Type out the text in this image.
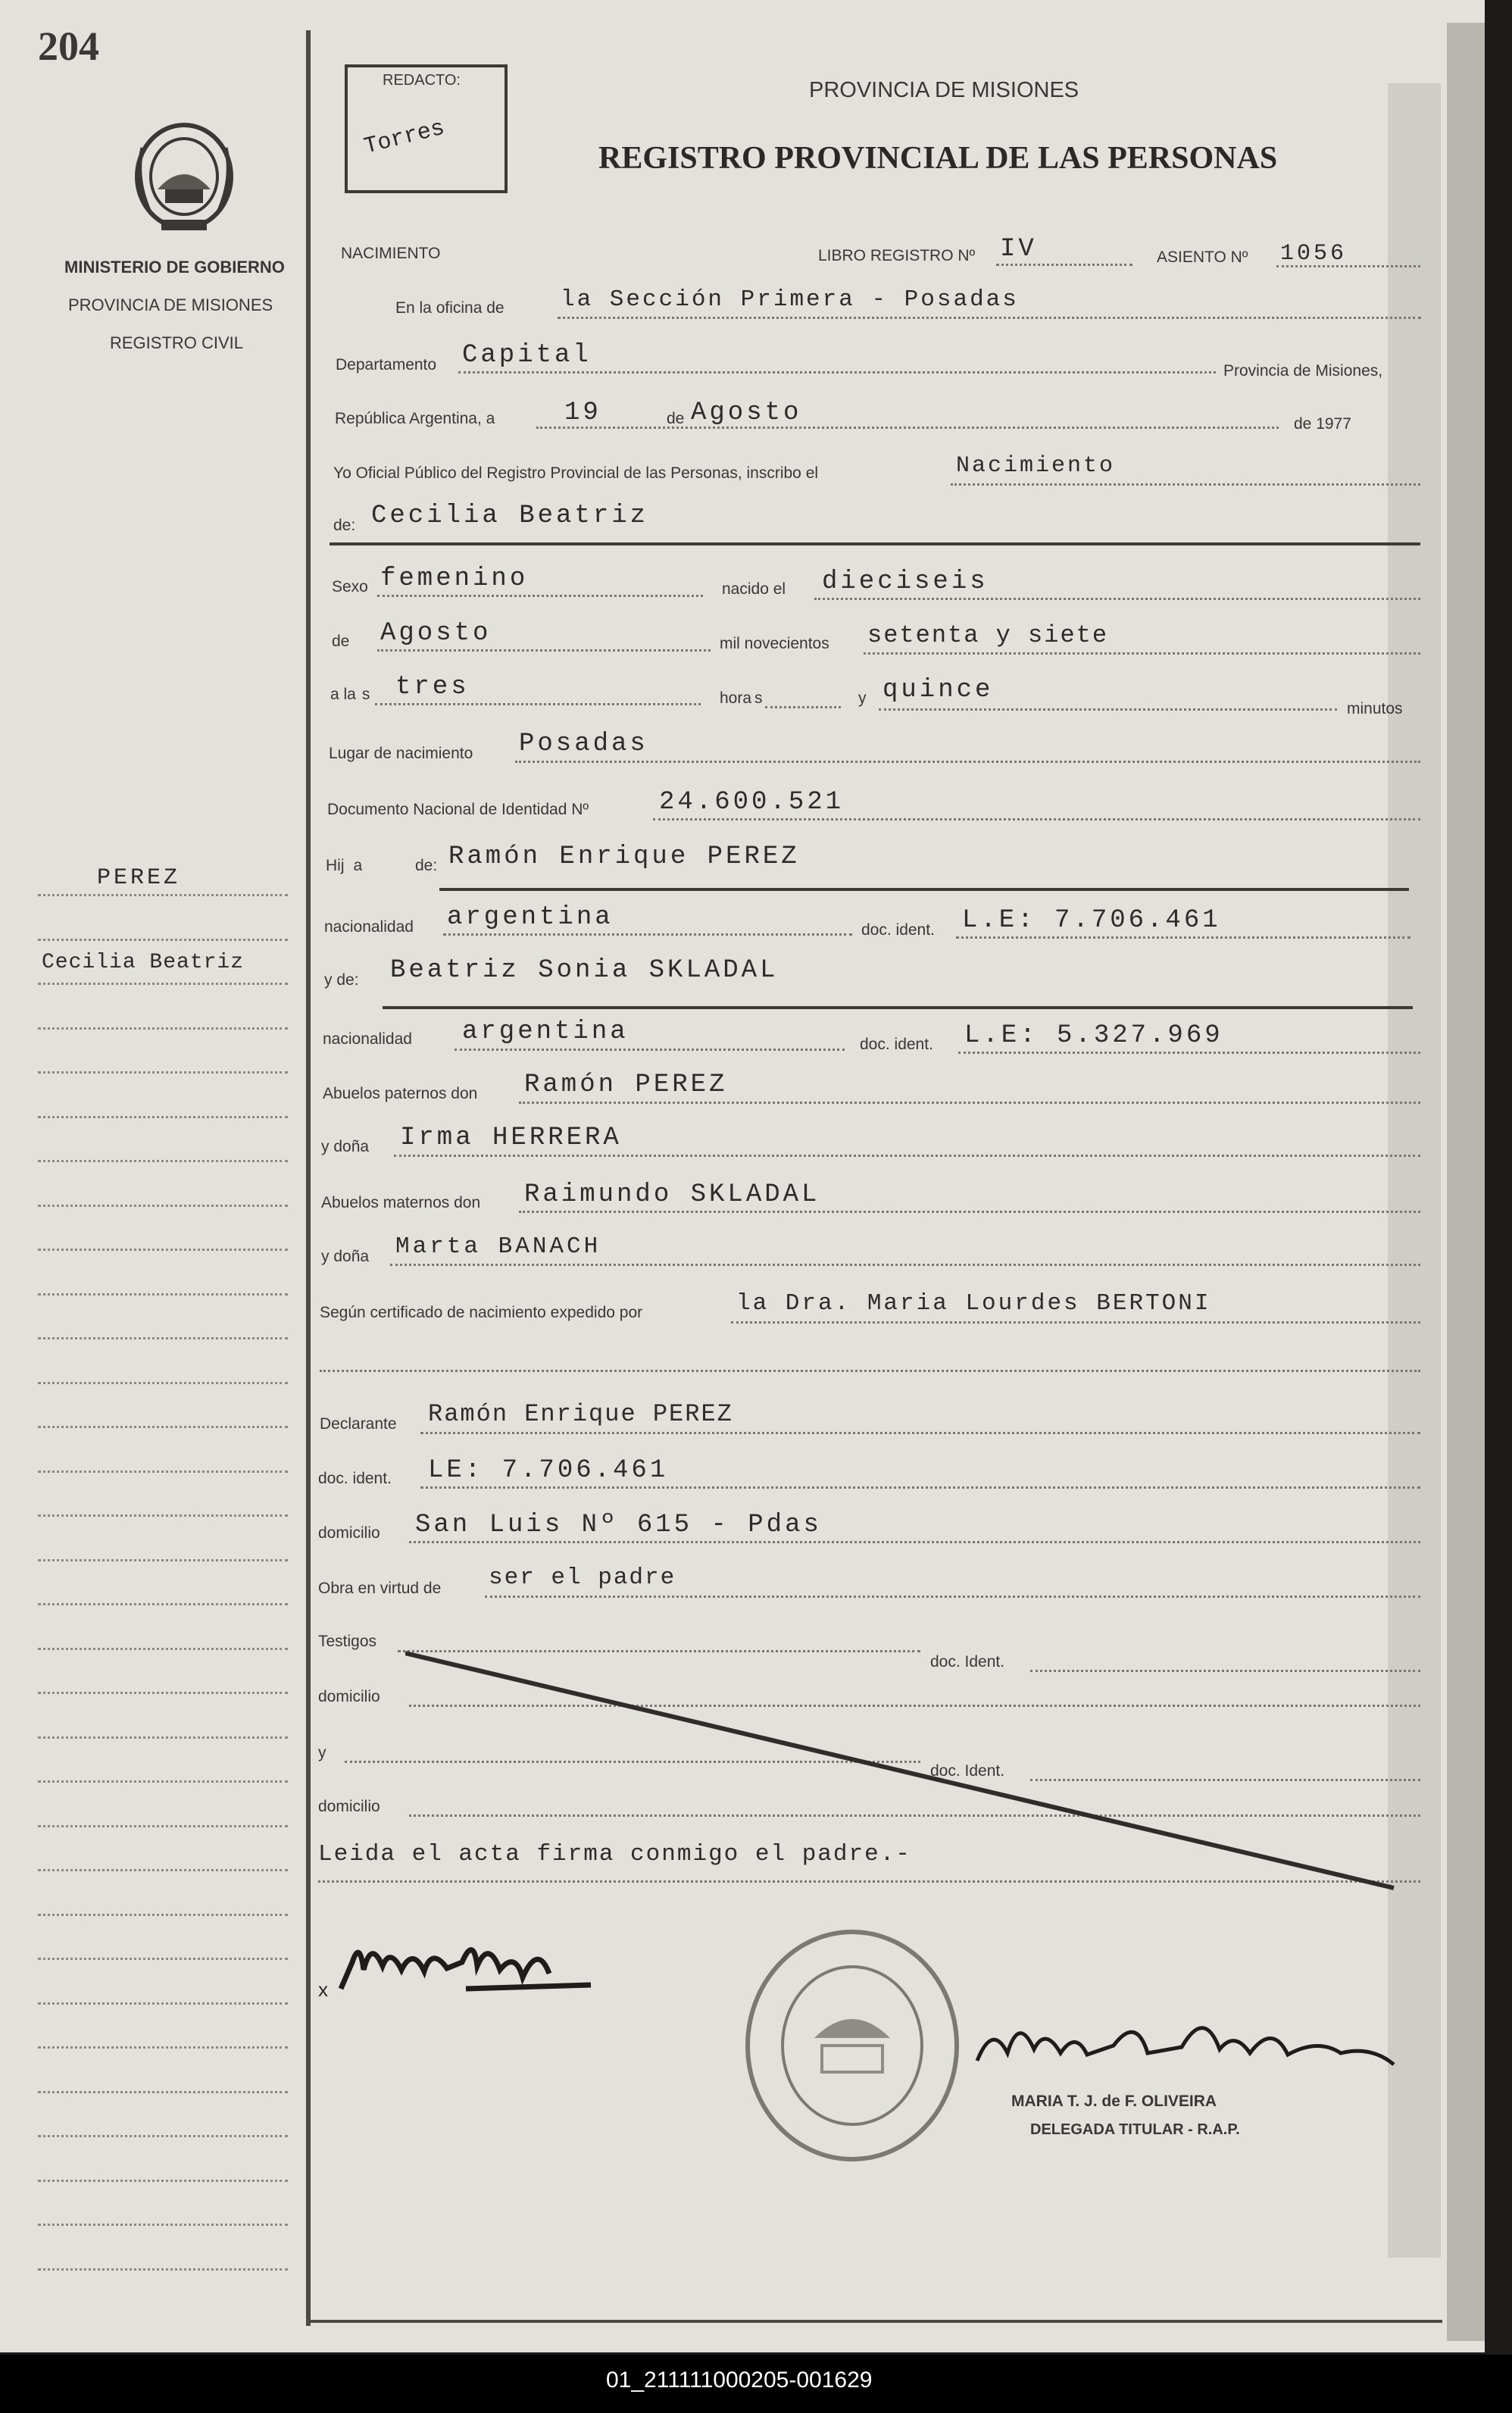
204
MINISTERIO DE GOBIERNO
PROVINCIA DE MISIONES
REGISTRO CIVIL
REDACTO:
Torres
PROVINCIA DE MISIONES
REGISTRO PROVINCIAL DE LAS PERSONAS
PEREZ
Cecilia Beatriz
NACIMIENTO	LIBRO REGISTRO Nº IV	ASIENTO Nº 1056
En la oficina de la Sección Primera - Posadas
Departamento Capital
Provincia de Misiones,
República Argentina, a	19	de Agosto	de 1977
Yo Oficial Público del Registro Provincial de las Personas, inscribo el	Nacimiento
de: Cecilia Beatriz
Sexo femenino	nacido el dieciseis
de Agosto	mil novecientos setenta y siete
a la s tres	hora s	y quince
minutos
Lugar de nacimiento Posadas
Documento Nacional de Identidad Nº	24.600.521
Hij a	de: Ramón Enrique PEREZ
nacionalidad argentina	doc. ident. L.E: 7.706.461
y de: Beatriz Sonia SKLADAL
nacionalidad argentina	doc. ident. L.E: 5.327.969
Abuelos paternos don Ramón PEREZ
y doña Irma HERRERA
Abuelos maternos don Raimundo SKLADAL
y doña Marta BANACH
Según certificado de nacimiento expedido por	la Dra. Maria Lourdes BERTONI
Declarante Ramón Enrique PEREZ
doc. ident. LE: 7.706.461
domicilio San Luis Nº 615 - Pdas
Obra en virtud de ser el padre
Testigos
doc. Ident.
domicilio
y
doc. Ident.
domicilio
Leida el acta firma conmigo el padre.-
x
MARIA T. J. de F. OLIVEIRA
DELEGADA TITULAR - R.A.P.
01_211111000205-001629
